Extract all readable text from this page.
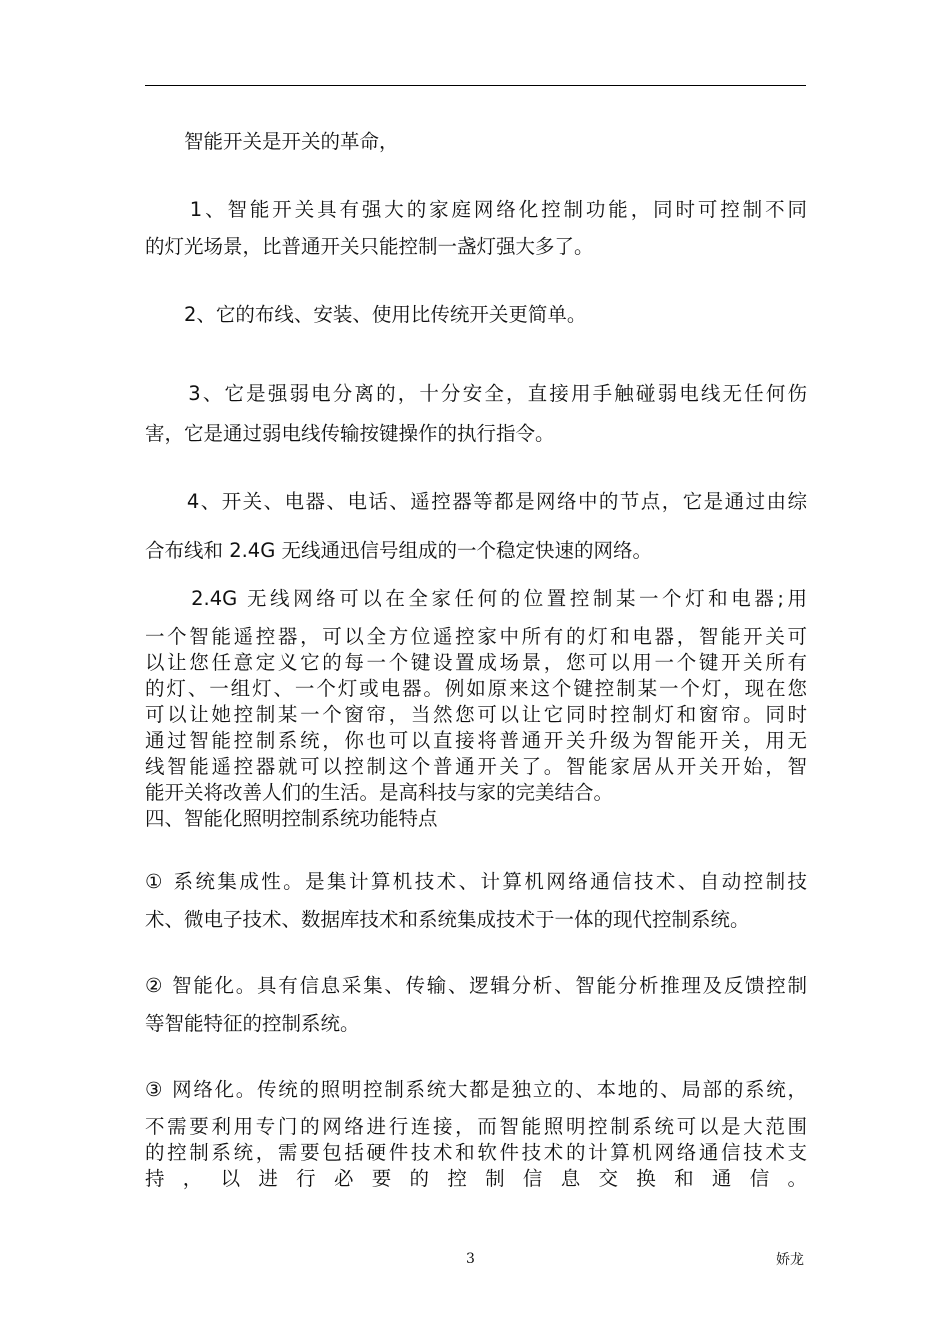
　　智能开关是开关的革命，

　　1、智能开关具有强大的家庭网络化控制功能，同时可控制不同

的灯光场景，比普通开关只能控制一盏灯强大多了。

　　2、它的布线、安装、使用比传统开关更简单。

　　3、它是强弱电分离的，十分安全，直接用手触碰弱电线无任何伤

害，它是通过弱电线传输按键操作的执行指令。

　　4、开关、电器、电话、遥控器等都是网络中的节点，它是通过由综

合布线和 2.4G 无线通迅信号组成的一个稳定快速的网络。

　　2.4G 无线网络可以在全家任何的位置控制某一个灯和电器;用

一个智能遥控器，可以全方位遥控家中所有的灯和电器，智能开关可

以让您任意定义它的每一个键设置成场景，您可以用一个键开关所有

的灯、一组灯、一个灯或电器。例如原来这个键控制某一个灯，现在您

可以让她控制某一个窗帘，当然您可以让它同时控制灯和窗帘。同时

通过智能控制系统，你也可以直接将普通开关升级为智能开关，用无

线智能遥控器就可以控制这个普通开关了。智能家居从开关开始，智

能开关将改善人们的生活。是高科技与家的完美结合。

四、智能化照明控制系统功能特点

① 系统集成性。是集计算机技术、计算机网络通信技术、自动控制技

术、微电子技术、数据库技术和系统集成技术于一体的现代控制系统。

② 智能化。具有信息采集、传输、逻辑分析、智能分析推理及反馈控制

等智能特征的控制系统。

③ 网络化。传统的照明控制系统大都是独立的、本地的、局部的系统，

不需要利用专门的网络进行连接，而智能照明控制系统可以是大范围

的控制系统，需要包括硬件技术和软件技术的计算机网络通信技术支

持，以进行必要的控制信息交换和通信。

3	娇龙
